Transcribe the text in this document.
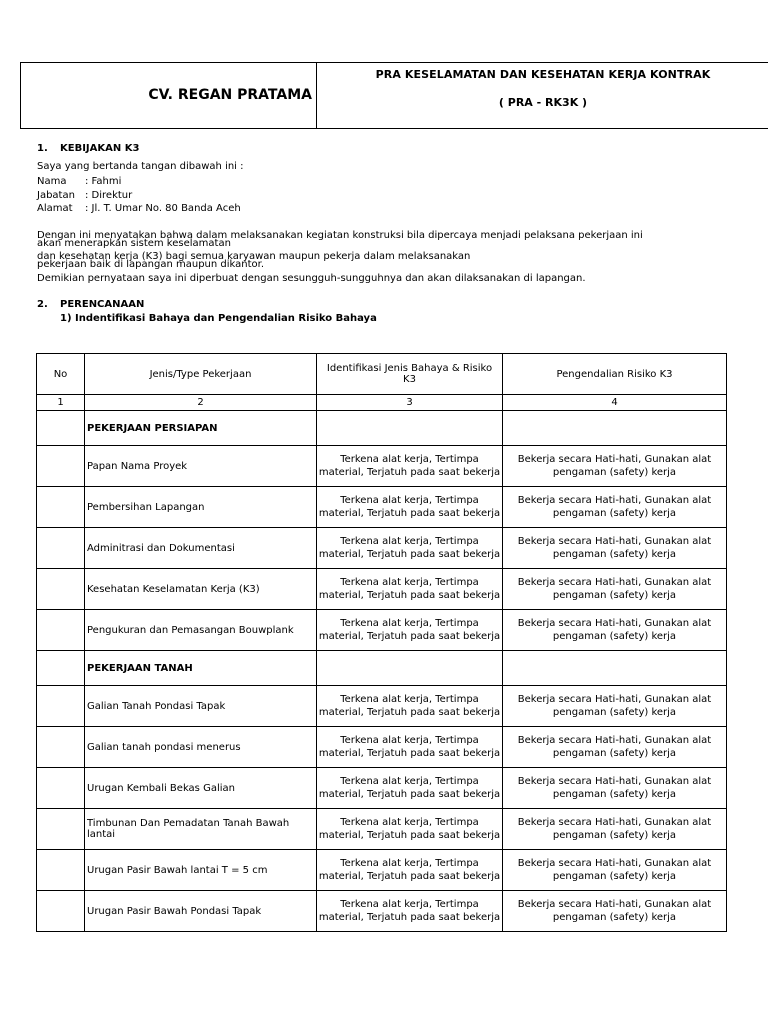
CV. REGAN PRATAMA
PRA KESELAMATAN DAN KESEHATAN KERJA KONTRAK
( PRA - RK3K )
1. KEBIJAKAN K3
Saya yang bertanda tangan dibawah ini :
Nama : Fahmi
Jabatan : Direktur
Alamat : Jl. T. Umar No. 80 Banda Aceh
Dengan ini menyatakan bahwa dalam melaksanakan kegiatan konstruksi bila dipercaya menjadi pelaksana pekerjaan ini
akan menerapkan sistem keselamatan
dan kesehatan kerja (K3) bagi semua karyawan maupun pekerja dalam melaksanakan
pekerjaan baik di lapangan maupun dikantor.
Demikian pernyataan saya ini diperbuat dengan sesungguh-sungguhnya dan akan dilaksanakan di lapangan.
2. PERENCANAAN
1) Indentifikasi Bahaya dan Pengendalian Risiko Bahaya
No	Jenis/Type Pekerjaan	Identifikasi Jenis Bahaya & Risiko K3	Pengendalian Risiko K3
1	2	3	4
	PEKERJAAN PERSIAPAN		
	Papan Nama Proyek	Terkena alat kerja, Tertimpa material, Terjatuh pada saat bekerja	Bekerja secara Hati-hati, Gunakan alat pengaman (safety) kerja
	Pembersihan Lapangan	Terkena alat kerja, Tertimpa material, Terjatuh pada saat bekerja	Bekerja secara Hati-hati, Gunakan alat pengaman (safety) kerja
	Adminitrasi dan Dokumentasi	Terkena alat kerja, Tertimpa material, Terjatuh pada saat bekerja	Bekerja secara Hati-hati, Gunakan alat pengaman (safety) kerja
	Kesehatan Keselamatan Kerja (K3)	Terkena alat kerja, Tertimpa material, Terjatuh pada saat bekerja	Bekerja secara Hati-hati, Gunakan alat pengaman (safety) kerja
	Pengukuran dan Pemasangan Bouwplank	Terkena alat kerja, Tertimpa material, Terjatuh pada saat bekerja	Bekerja secara Hati-hati, Gunakan alat pengaman (safety) kerja
	PEKERJAAN TANAH		
	Galian Tanah Pondasi Tapak	Terkena alat kerja, Tertimpa material, Terjatuh pada saat bekerja	Bekerja secara Hati-hati, Gunakan alat pengaman (safety) kerja
	Galian tanah pondasi menerus	Terkena alat kerja, Tertimpa material, Terjatuh pada saat bekerja	Bekerja secara Hati-hati, Gunakan alat pengaman (safety) kerja
	Urugan Kembali Bekas Galian	Terkena alat kerja, Tertimpa material, Terjatuh pada saat bekerja	Bekerja secara Hati-hati, Gunakan alat pengaman (safety) kerja
	Timbunan Dan Pemadatan Tanah Bawah lantai	Terkena alat kerja, Tertimpa material, Terjatuh pada saat bekerja	Bekerja secara Hati-hati, Gunakan alat pengaman (safety) kerja
	Urugan Pasir Bawah lantai T = 5 cm	Terkena alat kerja, Tertimpa material, Terjatuh pada saat bekerja	Bekerja secara Hati-hati, Gunakan alat pengaman (safety) kerja
	Urugan Pasir Bawah Pondasi Tapak	Terkena alat kerja, Tertimpa material, Terjatuh pada saat bekerja	Bekerja secara Hati-hati, Gunakan alat pengaman (safety) kerja
